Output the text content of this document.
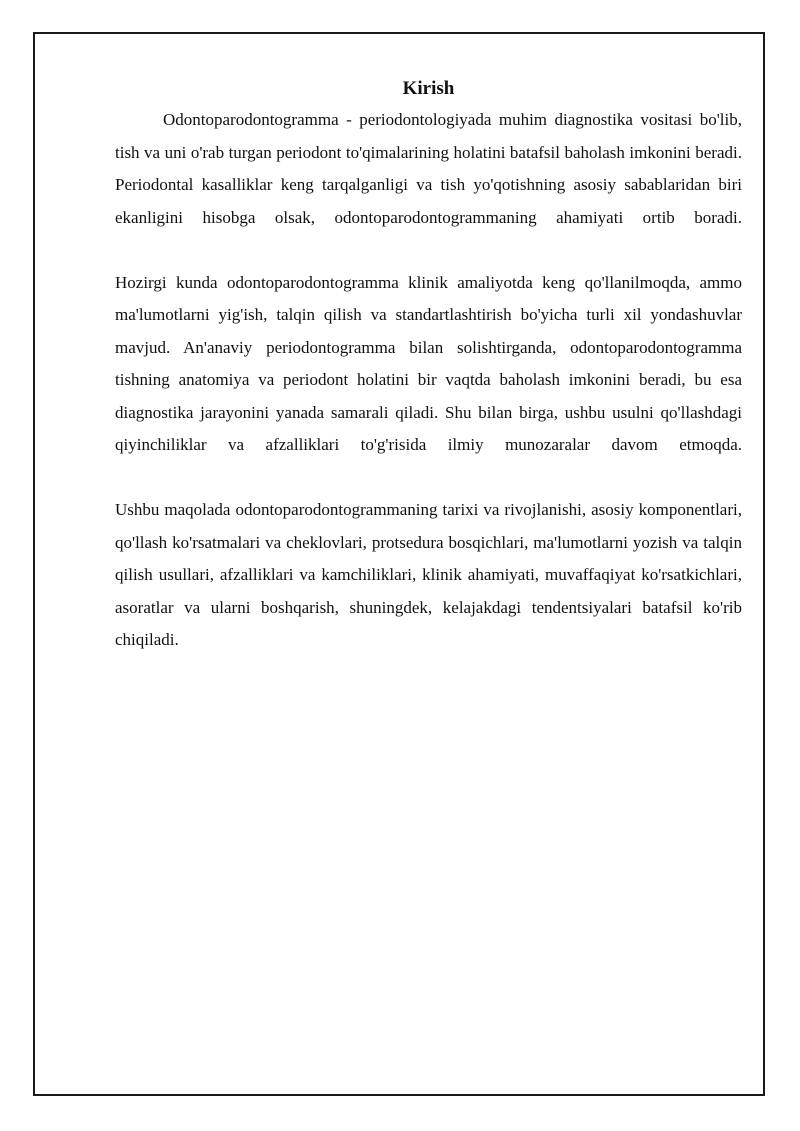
Kirish

Odontoparodontogramma - periodontologiyada muhim diagnostika vositasi bo'lib, tish va uni o'rab turgan periodont to'qimalarining holatini batafsil baholash imkonini beradi. Periodontal kasalliklar keng tarqalganligi va tish yo'qotishning asosiy sabablaridan biri ekanligini hisobga olsak, odontoparodontogrammaning ahamiyati ortib boradi.

Hozirgi kunda odontoparodontogramma klinik amaliyotda keng qo'llanilmoqda, ammo ma'lumotlarni yig'ish, talqin qilish va standartlashtirish bo'yicha turli xil yondashuvlar mavjud. An'anaviy periodontogramma bilan solishtirganda, odontoparodontogramma tishning anatomiya va periodont holatini bir vaqtda baholash imkonini beradi, bu esa diagnostika jarayonini yanada samarali qiladi. Shu bilan birga, ushbu usulni qo'llashdagi qiyinchiliklar va afzalliklari to'g'risida ilmiy munozaralar davom etmoqda.

Ushbu maqolada odontoparodontogrammaning tarixi va rivojlanishi, asosiy komponentlari, qo'llash ko'rsatmalari va cheklovlari, protsedura bosqichlari, ma'lumotlarni yozish va talqin qilish usullari, afzalliklari va kamchiliklari, klinik ahamiyati, muvaffaqiyat ko'rsatkichlari, asoratlar va ularni boshqarish, shuningdek, kelajakdagi tendentsiyalari batafsil ko'rib chiqiladi.
